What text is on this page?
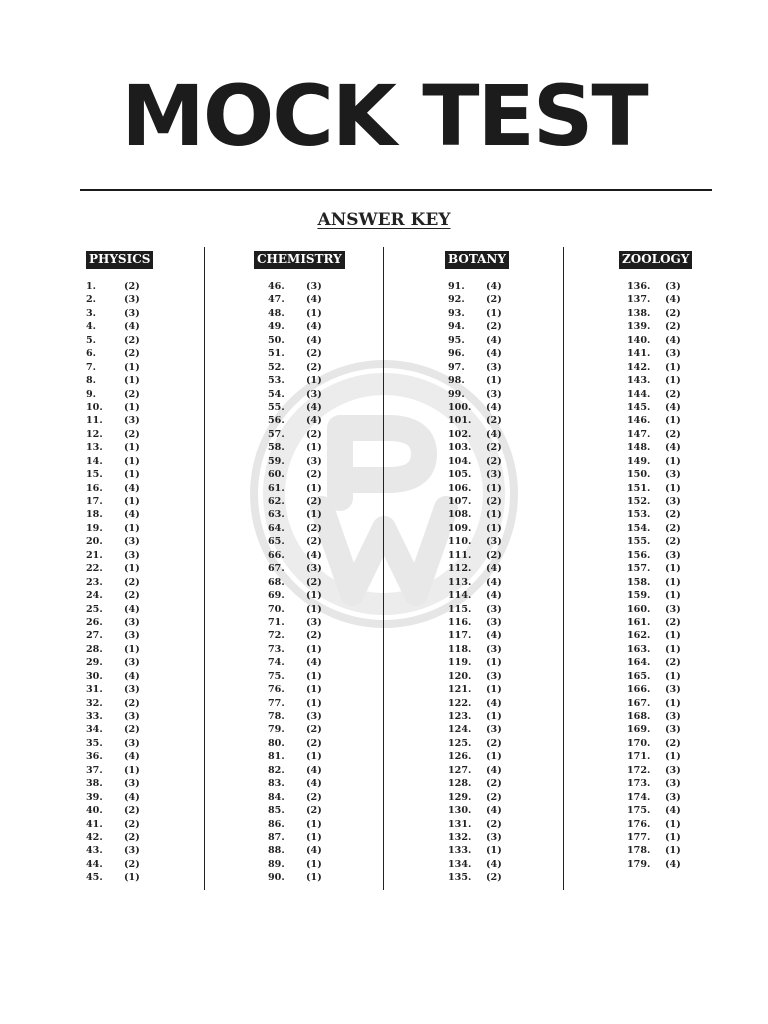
MOCK TEST
ANSWER KEY
PHYSICS
1.	(2)
2.	(3)
3.	(3)
4.	(4)
5.	(2)
6.	(2)
7.	(1)
8.	(1)
9.	(2)
10. (1)
11. (3)
12. (2)
13. (1)
14. (1)
15. (1)
16. (4)
17. (1)
18. (4)
19. (1)
20. (3)
21. (3)
22. (1)
23. (2)
24. (2)
25. (4)
26. (3)
27. (3)
28. (1)
29. (3)
30. (4)
31. (3)
32. (2)
33. (3)
34. (2)
35. (3)
36. (4)
37. (1)
38. (3)
39. (4)
40. (2)
41. (2)
42. (2)
43. (3)
44. (2)
45. (1)
CHEMISTRY
46. (3)
47. (4)
48. (1)
49. (4)
50. (4)
51. (2)
52. (2)
53. (1)
54. (3)
55. (4)
56. (4)
57. (2)
58. (1)
59. (3)
60. (2)
61. (1)
62. (2)
63. (1)
64. (2)
65. (2)
66. (4)
67. (3)
68. (2)
69. (1)
70. (1)
71. (3)
72. (2)
73. (1)
74. (4)
75. (1)
76. (1)
77. (1)
78. (3)
79. (2)
80. (2)
81. (1)
82. (4)
83. (4)
84. (2)
85. (2)
86. (1)
87. (1)
88. (4)
89. (1)
90. (1)
BOTANY
91. (4)
92. (2)
93. (1)
94. (2)
95. (4)
96. (4)
97. (3)
98. (1)
99. (3)
100. (4)
101. (2)
102. (4)
103. (2)
104. (2)
105. (3)
106. (1)
107. (2)
108. (1)
109. (1)
110. (3)
111. (2)
112. (4)
113. (4)
114. (4)
115. (3)
116. (3)
117. (4)
118. (3)
119. (1)
120. (3)
121. (1)
122. (4)
123. (1)
124. (3)
125. (2)
126. (1)
127. (4)
128. (2)
129. (2)
130. (4)
131. (2)
132. (3)
133. (1)
134. (4)
135. (2)
ZOOLOGY
136. (3)
137. (4)
138. (2)
139. (2)
140. (4)
141. (3)
142. (1)
143. (1)
144. (2)
145. (4)
146. (1)
147. (2)
148. (4)
149. (1)
150. (3)
151. (1)
152. (3)
153. (2)
154. (2)
155. (2)
156. (3)
157. (1)
158. (1)
159. (1)
160. (3)
161. (2)
162. (1)
163. (1)
164. (2)
165. (1)
166. (3)
167. (1)
168. (3)
169. (3)
170. (2)
171. (1)
172. (3)
173. (3)
174. (3)
175. (4)
176. (1)
177. (1)
178. (1)
179. (4)
